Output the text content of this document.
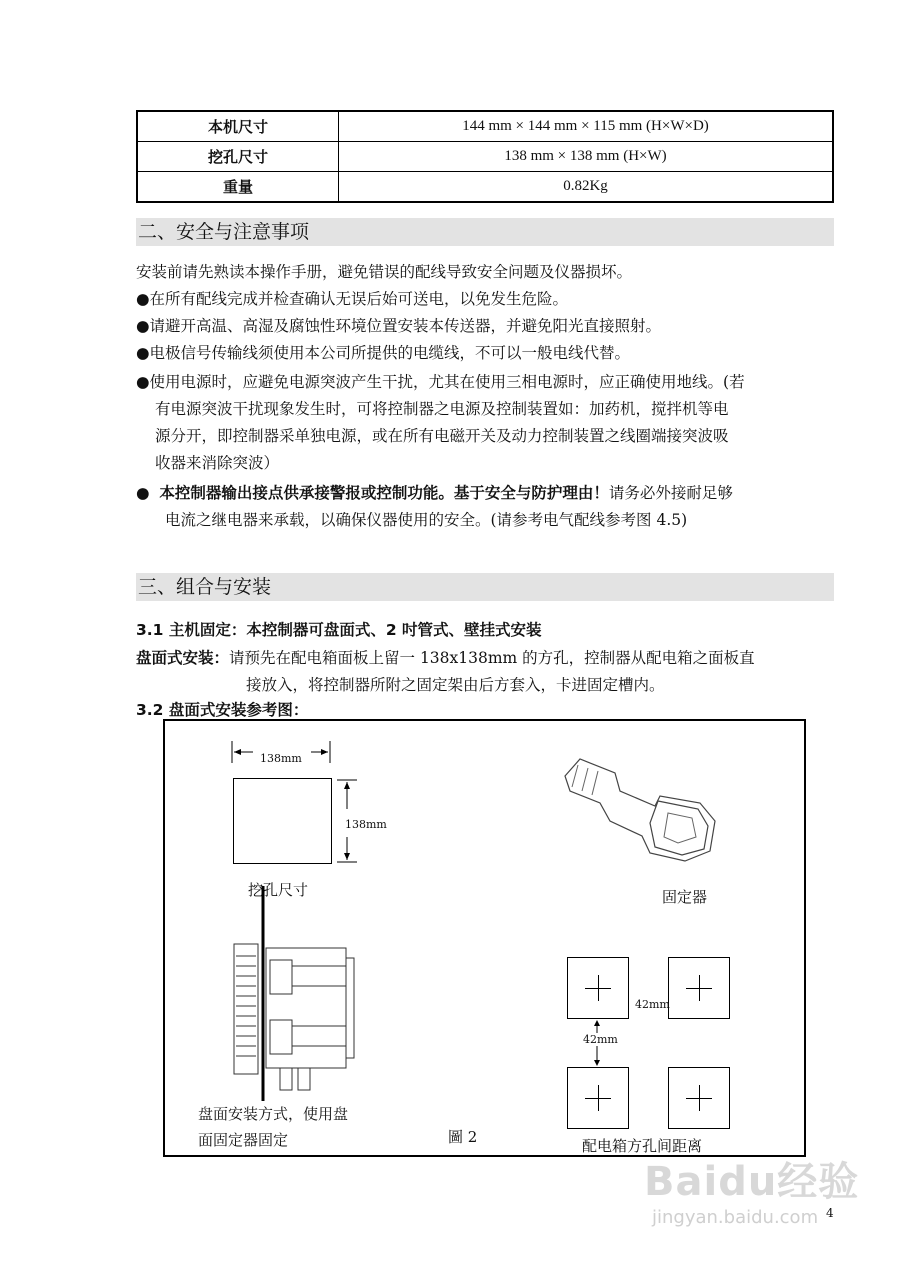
本机尺寸	144 mm × 144 mm × 115 mm (H×W×D)
挖孔尺寸	138 mm × 138 mm (H×W)
重量	0.82Kg
二、安全与注意事项
安装前请先熟读本操作手册，避免错误的配线导致安全问题及仪器损坏。
●在所有配线完成并检查确认无误后始可送电，以免发生危险。
●请避开高温、高湿及腐蚀性环境位置安装本传送器，并避免阳光直接照射。
●电极信号传输线须使用本公司所提供的电缆线，不可以一般电线代替。
●使用电源时，应避免电源突波产生干扰，尤其在使用三相电源时，应正确使用地线。(若
有电源突波干扰现象发生时，可将控制器之电源及控制装置如：加药机，搅拌机等电
源分开，即控制器采单独电源，或在所有电磁开关及动力控制装置之线圈端接突波吸
收器来消除突波）
● 本控制器输出接点供承接警报或控制功能。基于安全与防护理由！请务必外接耐足够
电流之继电器来承载，以确保仪器使用的安全。(请参考电气配线参考图 4.5)
三、组合与安装
3.1 主机固定：本控制器可盘面式、2 吋管式、壁挂式安装
盘面式安装：请预先在配电箱面板上留一 138x138mm 的方孔，控制器从配电箱之面板直
接放入，将控制器所附之固定架由后方套入，卡进固定槽内。
3.2 盘面式安装参考图：
138mm
138mm
挖孔尺寸	固定器
盘面安装方式，使用盘
面固定器固定	圖 2
42mm
42mm
配电箱方孔间距离
4
Baidu经验
jingyan.baidu.com
